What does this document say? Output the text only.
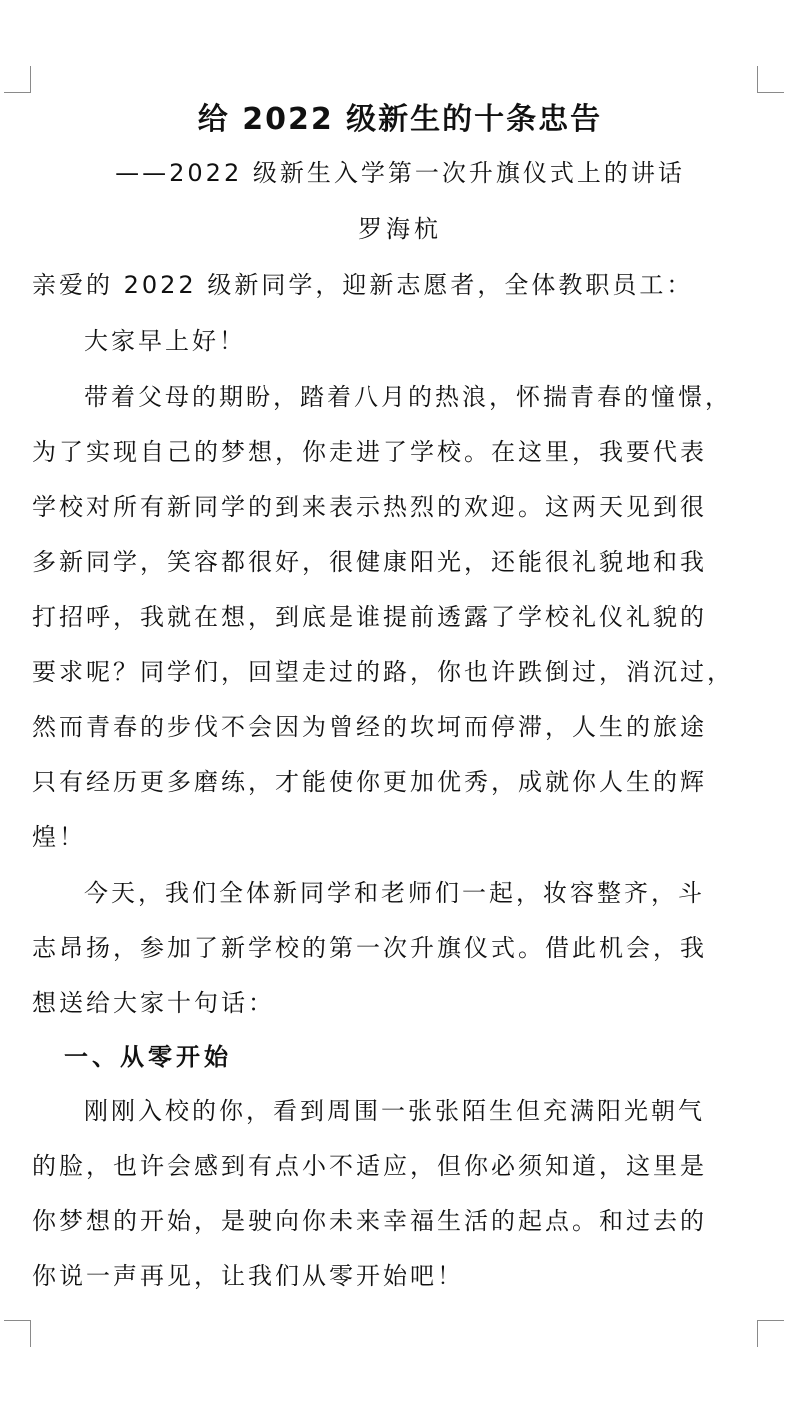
给 2022 级新生的十条忠告
——2022 级新生入学第一次升旗仪式上的讲话
罗海杭
亲爱的 2022 级新同学，迎新志愿者，全体教职员工：
大家早上好！
带着父母的期盼，踏着八月的热浪，怀揣青春的憧憬，
为了实现自己的梦想，你走进了学校。在这里，我要代表
学校对所有新同学的到来表示热烈的欢迎。这两天见到很
多新同学，笑容都很好，很健康阳光，还能很礼貌地和我
打招呼，我就在想，到底是谁提前透露了学校礼仪礼貌的
要求呢？同学们，回望走过的路，你也许跌倒过，消沉过，
然而青春的步伐不会因为曾经的坎坷而停滞，人生的旅途
只有经历更多磨练，才能使你更加优秀，成就你人生的辉
煌！
今天，我们全体新同学和老师们一起，妆容整齐，斗
志昂扬，参加了新学校的第一次升旗仪式。借此机会，我
想送给大家十句话：
一、从零开始
刚刚入校的你，看到周围一张张陌生但充满阳光朝气
的脸，也许会感到有点小不适应，但你必须知道，这里是
你梦想的开始，是驶向你未来幸福生活的起点。和过去的
你说一声再见，让我们从零开始吧！
